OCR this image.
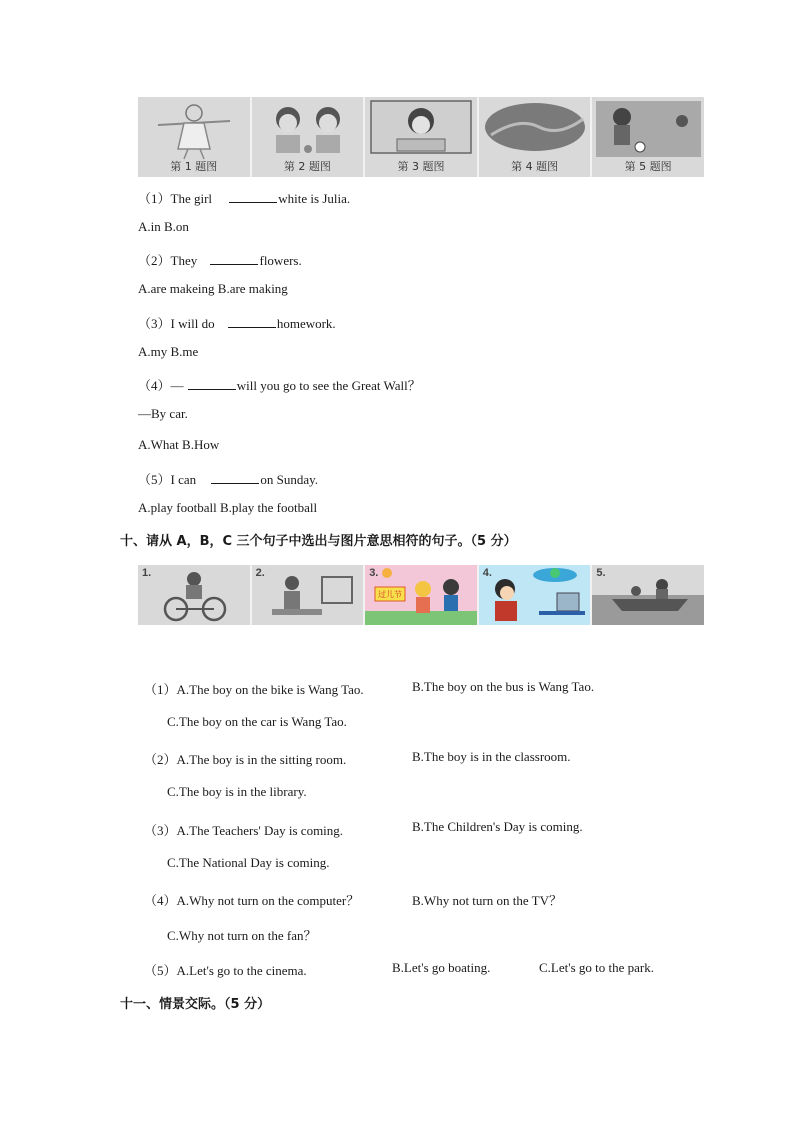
第 1 题图	第 2 题图	第 3 题图	第 4 题图	第 5 题图
（1）The girl	white is Julia.
A.in B.on
（2）They	flowers.
A.are makeing B.are making
（3）I will do	homework.
A.my B.me
（4）—	will you go to see the Great Wall？
—By car.
A.What B.How
（5）I can	on Sunday.
A.play football B.play the football
十、请从 A，B，C 三个句子中选出与图片意思相符的句子。（5 分）
1.	2.	3.
过儿节
4.	5.
（1）A.The boy on the bike is Wang Tao.	B.The boy on the bus is Wang Tao.
C.The boy on the car is Wang Tao.
（2）A.The boy is in the sitting room.	B.The boy is in the classroom.
C.The boy is in the library.
（3）A.The Teachers' Day is coming.	B.The Children's Day is coming.
C.The National Day is coming.
（4）A.Why not turn on the computer？	B.Why not turn on the TV？
C.Why not turn on the fan？
（5）A.Let's go to the cinema.	B.Let's go boating.	C.Let's go to the park.
十一、情景交际。（5 分）
